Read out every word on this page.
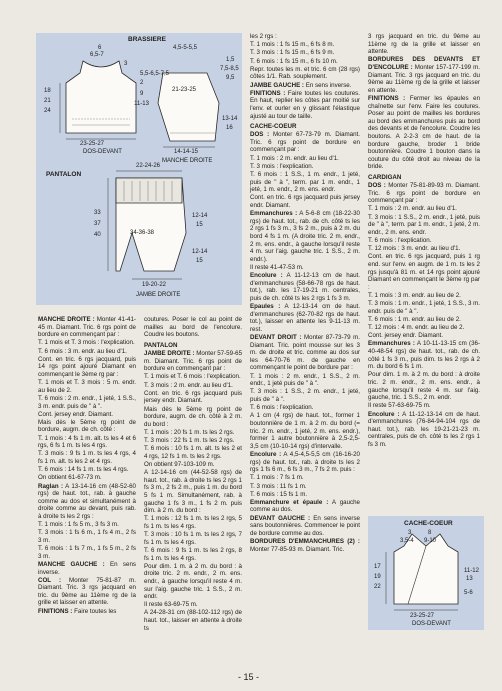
BRASSIERE
6
6,5-7
3
5,5-6,5-7,5
2
9
11-13
18
21
24
23-25-27
DOS-DEVANT
4,5-5-5,5
1,5
7,5-8,5
9,5
21-23-25
13-14
16
14-14-15
MANCHE DROITE
PANTALON
22-24-26
33
37
40	34-36-38
12-14
15
12-14
15
19-20-22
JAMBE DROITE

MANCHE DROITE : Monter 41-41-45 m. Diamant. Tric. 6 rgs point de bordure en commençant par :

T. 1 mois et T. 3 mois : l'explication.

T. 6 mois : 3 m. endr. au lieu d'1.

Cont. en tric. 6 rgs jacquard, puis 14 rgs point ajouré Diamant en commençant le 3ème rg par :

T. 1 mois et T. 3 mois : 5 m. endr. au lieu de 2.

T. 6 mois : 2 m. endr., 1 jeté, 1 S.S., 3 m. endr. puis de " à ".

Cont. jersey endr. Diamant.

Mais dès le 5ème rg point de bordure, augm. de ch. côté :

T. 1 mois : 4 fs 1 m. alt. ts les 4 et 6 rgs, 6 fs 1 m. ts les 4 rgs.

T. 3 mois : 9 fs 1 m. ts les 4 rgs, 4 fs 1 m. alt. ts les 2 et 4 rgs.

T. 6 mois : 14 fs 1 m. ts les 4 rgs.

On obtient 61-67-73 m.

Raglan : A 13-14-16 cm (48-52-60 rgs) de haut. tot., rab. à gauche comme au dos et simultanément à droite comme au devant, puis rab. à droite ts les 2 rgs :

T. 1 mois : 1 fs 5 m., 3 fs 3 m.

T. 3 mois : 1 fs 6 m., 1 fs 4 m., 2 fs 3 m.

T. 6 mois : 1 fs 7 m., 1 fs 5 m., 2 fs 3 m.

MANCHE GAUCHE : En sens inverse.

COL : Monter 75-81-87 m. Diamant. Tric. 3 rgs jacquard en tric. du 9ème au 11ème rg de la grille et laisser en attente.

FINITIONS : Faire toutes les

coutures. Poser le col au point de mailles au bord de l'encolure. Coudre les boutons.

PANTALON

JAMBE DROITE : Monter 57-59-65 m. Diamant. Tric. 6 rgs point de bordure en commençant par :

T. 1 mois et T. 6 mois : l'explication.

T. 3 mois : 2 m. endr. au lieu d'1.

Cont. en tric. 6 rgs jacquard puis jersey endr. Diamant.

Mais dès le 5ème rg point de bordure, augm. de ch. côté à 2 m. du bord :

T. 1 mois : 20 fs 1 m. ts les 2 rgs.

T. 3 mois : 22 fs 1 m. ts les 2 rgs.

T. 6 mois : 10 fs 1 m. alt. ts les 2 et 4 rgs, 12 fs 1 m. ts les 2 rgs.

On obtient 97-103-109 m.

A 12-14-16 cm (44-52-58 rgs) de haut. tot., rab. à droite ts les 2 rgs 1 fs 3 m., 2 fs 2 m., puis 1 m. du bord 5 fs 1 m. Simultanément, rab. à gauche 1 fs 3 m., 1 fs 2 m. puis dim. à 2 m. du bord :

T. 1 mois : 12 fs 1 m. ts les 2 rgs, 5 fs 1 m. ts les 4 rgs.

T. 3 mois : 10 fs 1 m. ts les 2 rgs, 7 fs 1 m. ts les 4 rgs.

T. 6 mois : 9 fs 1 m. ts les 2 rgs, 8 fs 1 m. ts les 4 rgs.

Pour dim. 1 m. à 2 m. du bord : à droite tric. 2 m. endr., 2 m. ens. endr., à gauche lorsqu'il reste 4 m. sur l'aig. gauche tric. 1 S.S., 2 m. endr.

Il reste 63-69-75 m.

A 24-28-31 cm (88-102-112 rgs) de haut. tot., laisser en attente à droite ts

les 2 rgs :

T. 1 mois : 1 fs 15 m., 6 fs 8 m.

T. 3 mois : 1 fs 15 m., 6 fs 9 m.

T. 6 mois : 1 fs 15 m., 6 fs 10 m.

Repr. toutes les m. et tric. 6 cm (28 rgs) côtes 1/1. Rab. souplement.

JAMBE GAUCHE : En sens inverse.

FINITIONS : Faire toutes les coutures. En haut, replier les côtes par moitié sur l'env. et ourler en y glissant l'élastique ajusté au tour de taille.

CACHE-COEUR

DOS : Monter 67-73-79 m. Diamant. Tric. 6 rgs point de bordure en commençant par :

T. 1 mois : 2 m. endr. au lieu d'1.

T. 3 mois : l'explication.

T. 6 mois : 1 S.S., 1 m. endr., 1 jeté, puis de " à ", term. par 1 m. endr., 1 jeté, 1 m. endr., 2 m. ens. endr.

Cont. en tric. 6 rgs jacquard puis jersey endr. Diamant.

Emmanchures : A 5-6-8 cm (18-22-30 rgs) de haut. tot., rab. de ch. côté ts les 2 rgs 1 fs 3 m., 3 fs 2 m., puis à 2 m. du bord 4 fs 1 m. (A droite tric. 2 m. endr., 2 m. ens. endr., à gauche lorsqu'il reste 4 m. sur l'aig. gauche tric. 1 S.S., 2 m. endr.).

Il reste 41-47-53 m.

Encolure : A 11-12-13 cm de haut. d'emmanchures (58-66-78 rgs de haut. tot.), rab. les 17-19-21 m. centrales, puis de ch. côté ts les 2 rgs 1 fs 3 m.

Epaules : A 12-13-14 cm de haut. d'emmanchures (62-70-82 rgs de haut. tot.), laisser en attente les 9-11-13 m. rest.

DEVANT DROIT : Monter 87-73-79 m. Diamant. Tric. point mousse sur les 3 m. de droite et tric. comme au dos sur les 64-70-76 m. de gauche en commençant le point de bordure par :

T. 1 mois : 2 m. endr., 1 S.S., 2 m. endr., 1 jeté puis de " à ".

T. 3 mois : 1 S.S., 2 m. endr., 1 jeté, puis de " à ".

T. 6 mois : l'explication.

A 1 cm (4 rgs) de haut. tot., former 1 boutonnière de 1 m. à 2 m. du bord (= tric. 2 m. endr., 1 jeté, 2 m. ens. endr.), former 1 autre boutonnière à 2,5-2,5-3,5 cm (10-10-14 rgs) d'intervalle.

Encolure : A 4,5-4,5-5,5 cm (16-16-20 rgs) de haut. tot., rab. à droite ts les 2 rgs 1 fs 6 m., 6 fs 3 m., 7 fs 2 m. puis :

T. 1 mois : 7 fs 1 m.

T. 3 mois : 11 fs 1 m.

T. 6 mois : 15 fs 1 m.

Emmanchure et épaule : A gauche comme au dos.

DEVANT GAUCHE : En sens inverse sans boutonnières. Commencer le point de bordure comme au dos.

BORDURES D'EMMANCHURES (2) : Monter 77-85-93 m. Diamant. Tric.

3 rgs jacquard en tric. du 9ème au 11ème rg de la grille et laisser en attente.

BORDURES DES DEVANTS ET D'ENCOLURE : Monter 157-177-199 m. Diamant. Tric. 3 rgs jacquard en tric. du 9ème au 11ème rg de la grille et laisser en attente.

FINITIONS : Fermer les épaules en chaînette sur l'env. Faire les coutures. Poser au point de mailles les bordures au bord des emmanchures puis au bord des devants et de l'encolure. Coudre les boutons. A 2-2-3 cm de haut. de la bordure gauche, broder 1 bride boutonnière. Coudre 1 bouton dans la couture du côté droit au niveau de la bride.

CARDIGAN

DOS : Monter 75-81-89-93 m. Diamant. Tric. 6 rgs point de bordure en commençant par :

T. 1 mois : 2 m. endr. au lieu d'1.

T. 3 mois : 1 S.S., 2 m. endr., 1 jeté, puis de " à ", term. par 1 m. endr., 1 jeté, 2 m. endr., 2 m. ens. endr.

T. 6 mois : l'explication.

T. 12 mois : 3 m. endr. au lieu d'1.

Cont. en tric. 6 rgs jacquard, puis 1 rg end. sur l'env. en augm. de 1 m. ts les 2 rgs jusqu'à 81 m. et 14 rgs point ajouré Diamant en commençant le 3ème rg par :

T. 1 mois : 3 m. endr. au lieu de 2.

T. 3 mois : 1 m. endr., 1 jeté, 1 S.S., 3 m. endr. puis de " à ".

T. 6 mois : 1 m. endr. au lieu de 2.

T. 12 mois : 4 m. endr. au lieu de 2.

Cont. jersey endr. Diamant.

Emmanchures : A 10-11-13-15 cm (36-40-48-54 rgs) de haut. tot., rab. de ch. côté 1 fs 3 m., puis dim. ts les 2 rgs à 2 m. du bord 6 fs 1 m.

Pour dim. 1 m. à 2 m. du bord : à droite tric. 2 m. endr., 2 m. ens. endr., à gauche lorsqu'il reste 4 m. sur l'aig. gauche, tric. 1 S.S., 2 m. endr.

Il reste 57-63-69-75 m.

Encolure : A 11-12-13-14 cm de haut. d'emmanchures (76-84-94-104 rgs de haut. tot.), rab. les 19-21-21-23 m. centrales, puis de ch. côté ts les 2 rgs 1 fs 3 m.

CACHE-COEUR
3
3,5-4
8
9-10
17
19
22
11-12
13
5-6
23-25-27
DOS-DEVANT
- 15 -
